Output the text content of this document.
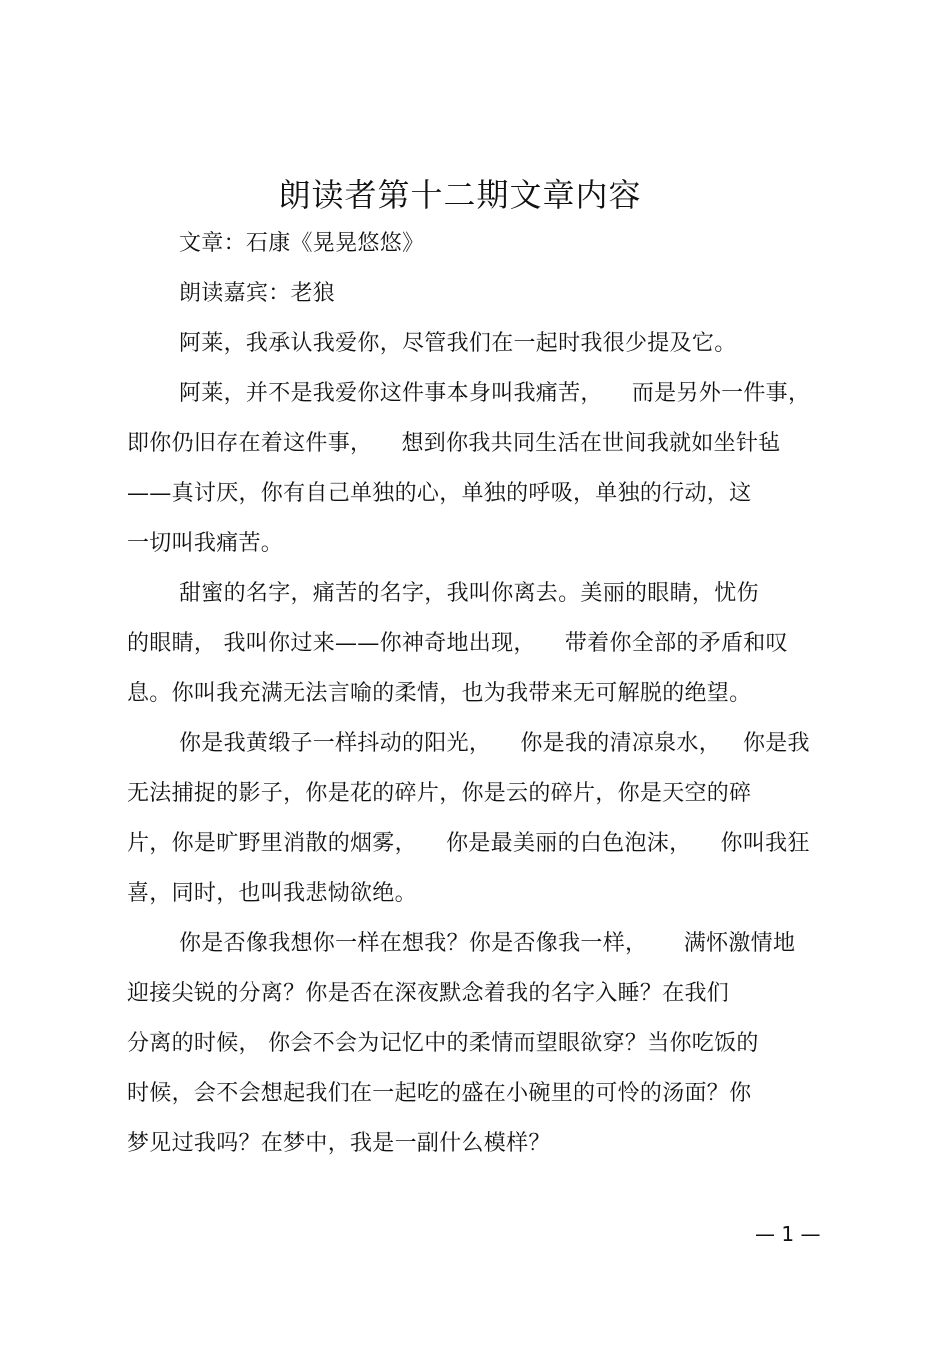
朗读者第十二期文章内容
文章：石康《晃晃悠悠》
朗读嘉宾：老狼
阿莱，我承认我爱你，尽管我们在一起时我很少提及它。
阿莱，并不是我爱你这件事本身叫我痛苦，    而是另外一件事，
即你仍旧存在着这件事，    想到你我共同生活在世间我就如坐针毡
——真讨厌，你有自己单独的心，单独的呼吸，单独的行动，这
一切叫我痛苦。
甜蜜的名字，痛苦的名字，我叫你离去。美丽的眼睛，忧伤
的眼睛， 我叫你过来——你神奇地出现，    带着你全部的矛盾和叹
息。你叫我充满无法言喻的柔情，也为我带来无可解脱的绝望。
你是我黄缎子一样抖动的阳光，    你是我的清凉泉水，   你是我
无法捕捉的影子，你是花的碎片，你是云的碎片，你是天空的碎
片，你是旷野里消散的烟雾，    你是最美丽的白色泡沫，    你叫我狂
喜，同时，也叫我悲恸欲绝。
你是否像我想你一样在想我？你是否像我一样，     满怀激情地
迎接尖锐的分离？你是否在深夜默念着我的名字入睡？在我们
分离的时候， 你会不会为记忆中的柔情而望眼欲穿？当你吃饭的
时候，会不会想起我们在一起吃的盛在小碗里的可怜的汤面？你
梦见过我吗？在梦中，我是一副什么模样？
— 1 —
